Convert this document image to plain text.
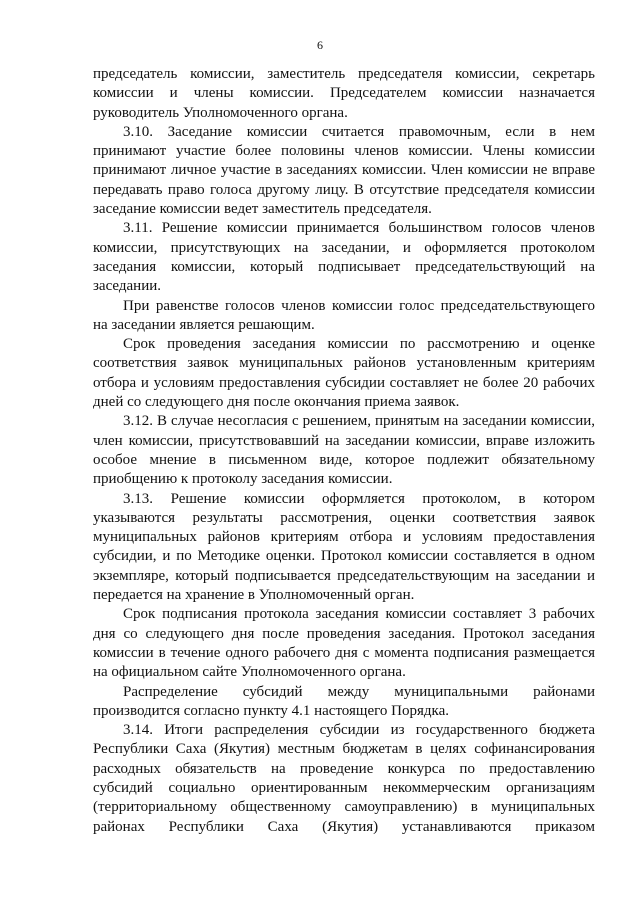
6

председатель комиссии, заместитель председателя комиссии, секретарь комиссии и члены комиссии. Председателем комиссии назначается руководитель Уполномоченного органа.

3.10. Заседание комиссии считается правомочным, если в нем принимают участие более половины членов комиссии. Члены комиссии принимают личное участие в заседаниях комиссии. Член комиссии не вправе передавать право голоса другому лицу. В отсутствие председателя комиссии заседание комиссии ведет заместитель председателя.

3.11. Решение комиссии принимается большинством голосов членов комиссии, присутствующих на заседании, и оформляется протоколом заседания комиссии, который подписывает председательствующий на заседании.

При равенстве голосов членов комиссии голос председательствующего на заседании является решающим.

Срок проведения заседания комиссии по рассмотрению и оценке соответствия заявок муниципальных районов установленным критериям отбора и условиям предоставления субсидии составляет не более 20 рабочих дней со следующего дня после окончания приема заявок.

3.12. В случае несогласия с решением, принятым на заседании комиссии, член комиссии, присутствовавший на заседании комиссии, вправе изложить особое мнение в письменном виде, которое подлежит обязательному приобщению к протоколу заседания комиссии.

3.13. Решение комиссии оформляется протоколом, в котором указываются результаты рассмотрения, оценки соответствия заявок муниципальных районов критериям отбора и условиям предоставления субсидии, и по Методике оценки. Протокол комиссии составляется в одном экземпляре, который подписывается председательствующим на заседании и передается на хранение в Уполномоченный орган.

Срок подписания протокола заседания комиссии составляет 3 рабочих дня со следующего дня после проведения заседания. Протокол заседания комиссии в течение одного рабочего дня с момента подписания размещается на официальном сайте Уполномоченного органа.

Распределение субсидий между муниципальными районами производится согласно пункту 4.1 настоящего Порядка.

3.14. Итоги распределения субсидии из государственного бюджета Республики Саха (Якутия) местным бюджетам в целях софинансирования расходных обязательств на проведение конкурса по предоставлению субсидий социально ориентированным некоммерческим организациям (территориальному общественному самоуправлению) в муниципальных районах Республики Саха (Якутия) устанавливаются приказом
